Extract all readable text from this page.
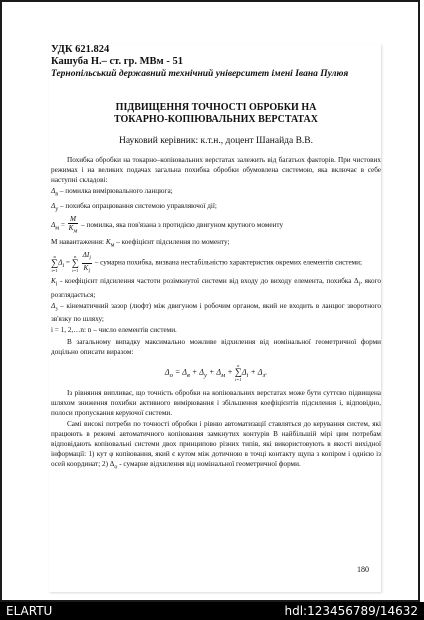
УДК 621.824
Кашуба Н.– ст. гр. МВм - 51
Тернопільський державний технічний університет імені Івана Пулюя
ПІДВИЩЕННЯ ТОЧНОСТІ ОБРОБКИ НА
ТОКАРНО-КОПІЮВАЛЬНИХ ВЕРСТАТАХ
Науковий керівник: к.т.н., доцент Шанайда В.В.

Похибка обробки на токарно–копіювальних верстатах залежить від багатьох факторів. При чистових режимах і на великих подачах загальна похибка обробки обумовлена системою, яка включає в себе наступні складові:

$\Delta_в$ – помилка вимірювального ланцюга;

$\Delta_у$ – похибка опрацювання системою управляючої дії;

$\Delta_м = \frac{M}{K_м}$ – помилка, яка пов'язана з протидією двигуном крутного моменту

М навантаження: $K_м$ – коефіцієнт підсилення по моменту;

n
∑
i=1
$\Delta_i$ =
n
∑
i=1
$\frac{\Delta I_i}{K_i}$ – сумарна похибка, визвана нестабільністю характеристик окремих елементів системи;

$K_i$ - коефіцієнт підсилення частоти розімкнутої системи від входу до виходу елемента, похибка $\Delta_i$, якого розглядається;

$\Delta_з$ – кінематичний зазор (люфт) між двигуном і робочим органом, який не входить в ланцюг зворотного зв'язку по шляху;

i = 1, 2,…n: n – число елементів системи.

В загальному випадку максимально можливе відхилення від номінальної геометричної форми доцільно описати виразом:

$\Delta_о = \Delta_в + \Delta_у + \Delta_м$ +
n
∑
i=1
$\Delta_і + \Delta_з$.

Із рівняння випливає, що точність обробки на копіювальних верстатах може бути суттєво підвищена шляхом зниження похибки активного вимірювання і збільшення коефіцієнтів підсилення і, відповідно, полоси пропускання керуючої системи.

Самі високі потреби по точності обробки і рівню автоматизації ставляться до керування систем, які працюють в режимі автоматичного копіювання замкнутих контурів В найбільшій мірі цим потребам відповідають копіювальні системи двох принципово різних типів, які використовують в якості вихідної інформації: 1) кут φ копіювання, який є кутом між дотичною в точці контакту щупа з копіром і однією із осей координат; 2) $\Delta_о$ - сумарне відхилення від номінальної геометричної форми.

180
ELARTU	hdl:123456789/14632
